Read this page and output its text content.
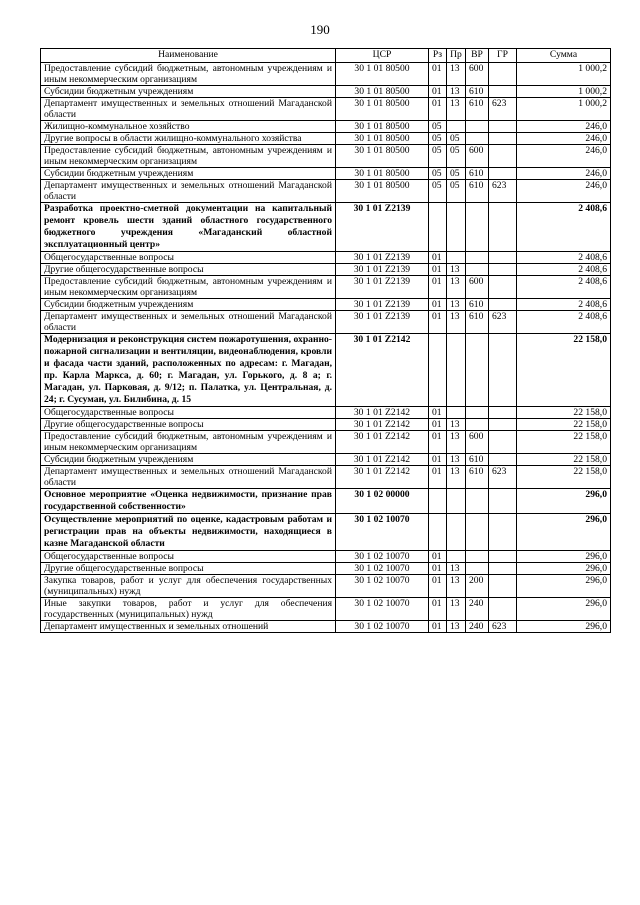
190
Наименование	ЦСР	Рз	Пр	ВР	ГР	Сумма
Предоставление субсидий бюджетным, автономным учреждениям и иным некоммерческим организациям	30 1 01 80500	01	13	600		1 000,2
Субсидии бюджетным учреждениям	30 1 01 80500	01	13	610		1 000,2
Департамент имущественных и земельных отношений Магаданской области	30 1 01 80500	01	13	610	623	1 000,2
Жилищно-коммунальное хозяйство	30 1 01 80500	05				246,0
Другие вопросы в области жилищно-коммунального хозяйства	30 1 01 80500	05	05			246,0
Предоставление субсидий бюджетным, автономным учреждениям и иным некоммерческим организациям	30 1 01 80500	05	05	600		246,0
Субсидии бюджетным учреждениям	30 1 01 80500	05	05	610		246,0
Департамент имущественных и земельных отношений Магаданской области	30 1 01 80500	05	05	610	623	246,0
Разработка проектно-сметной документации на капитальный ремонт кровель шести зданий областного государственного бюджетного учреждения «Магаданский областной эксплуатационный центр»	30 1 01 Z2139					2 408,6
Общегосударственные вопросы	30 1 01 Z2139	01				2 408,6
Другие общегосударственные вопросы	30 1 01 Z2139	01	13			2 408,6
Предоставление субсидий бюджетным, автономным учреждениям и иным некоммерческим организациям	30 1 01 Z2139	01	13	600		2 408,6
Субсидии бюджетным учреждениям	30 1 01 Z2139	01	13	610		2 408,6
Департамент имущественных и земельных отношений Магаданской области	30 1 01 Z2139	01	13	610	623	2 408,6
Модернизация и реконструкция систем пожаротушения, охранно-пожарной сигнализации и вентиляции, видеонаблюдения, кровли и фасада части зданий, расположенных по адресам: г. Магадан, пр. Карла Маркса, д. 60; г. Магадан, ул. Горького, д. 8 а; г. Магадан, ул. Парковая, д. 9/12; п. Палатка, ул. Центральная, д. 24; г. Сусуман, ул. Билибина, д. 15	30 1 01 Z2142					22 158,0
Общегосударственные вопросы	30 1 01 Z2142	01				22 158,0
Другие общегосударственные вопросы	30 1 01 Z2142	01	13			22 158,0
Предоставление субсидий бюджетным, автономным учреждениям и иным некоммерческим организациям	30 1 01 Z2142	01	13	600		22 158,0
Субсидии бюджетным учреждениям	30 1 01 Z2142	01	13	610		22 158,0
Департамент имущественных и земельных отношений Магаданской области	30 1 01 Z2142	01	13	610	623	22 158,0
Основное мероприятие «Оценка недвижимости, признание прав государственной собственности»	30 1 02 00000					296,0
Осуществление мероприятий по оценке, кадастровым работам и регистрации прав на объекты недвижимости, находящиеся в казне Магаданской области	30 1 02 10070					296,0
Общегосударственные вопросы	30 1 02 10070	01				296,0
Другие общегосударственные вопросы	30 1 02 10070	01	13			296,0
Закупка товаров, работ и услуг для обеспечения государственных (муниципальных) нужд	30 1 02 10070	01	13	200		296,0
Иные закупки товаров, работ и услуг для обеспечения государственных (муниципальных) нужд	30 1 02 10070	01	13	240		296,0
Департамент имущественных и земельных отношений	30 1 02 10070	01	13	240	623	296,0
